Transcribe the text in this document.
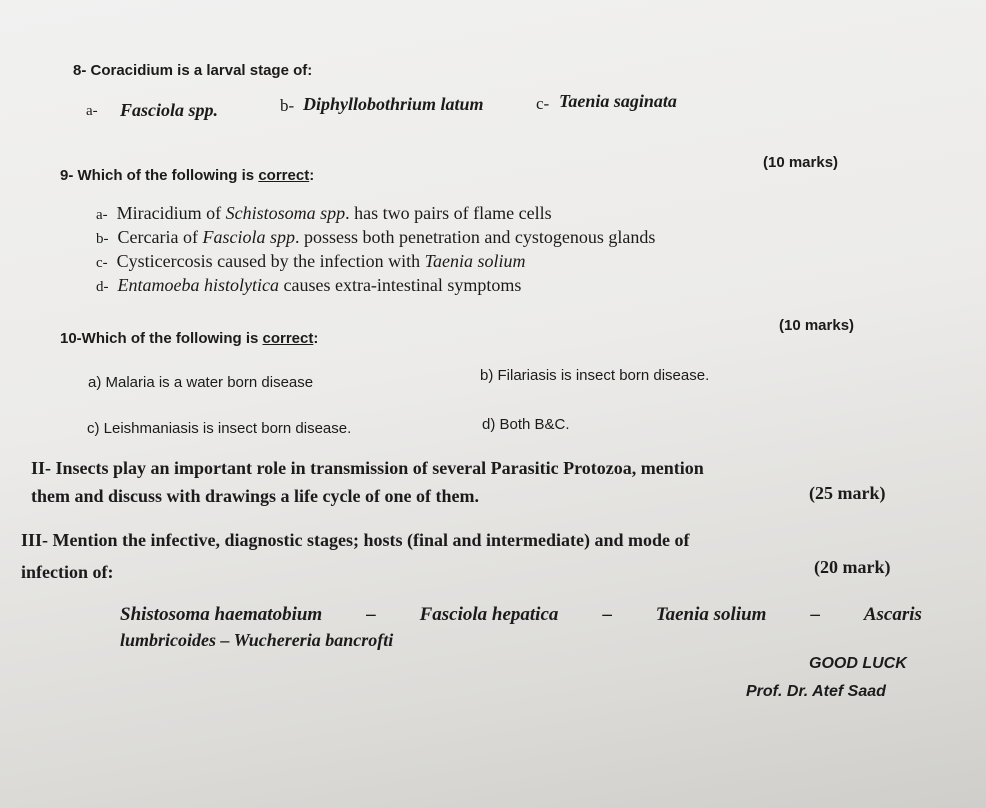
8- Coracidium is a larval stage of:
a- Fasciola spp.	b- Diphyllobothrium latum	c- Taenia saginata
9- Which of the following is correct:
(10 marks)
a- Miracidium of Schistosoma spp. has two pairs of flame cells
b- Cercaria of Fasciola spp. possess both penetration and cystogenous glands
c- Cysticercosis caused by the infection with Taenia solium
d- Entamoeba histolytica causes extra-intestinal symptoms
10-Which of the following is correct:
(10 marks)
a) Malaria is a water born disease	b) Filariasis is insect born disease.
c) Leishmaniasis is insect born disease.	d) Both B&C.
II- Insects play an important role in transmission of several Parasitic Protozoa, mention
them and discuss with drawings a life cycle of one of them.	(25 mark)
III- Mention the infective, diagnostic stages; hosts (final and intermediate) and mode of
infection of:	(20 mark)
Shistosoma haematobium – Fasciola hepatica – Taenia solium – Ascaris
lumbricoides – Wuchereria bancrofti
GOOD LUCK
Prof. Dr. Atef Saad
